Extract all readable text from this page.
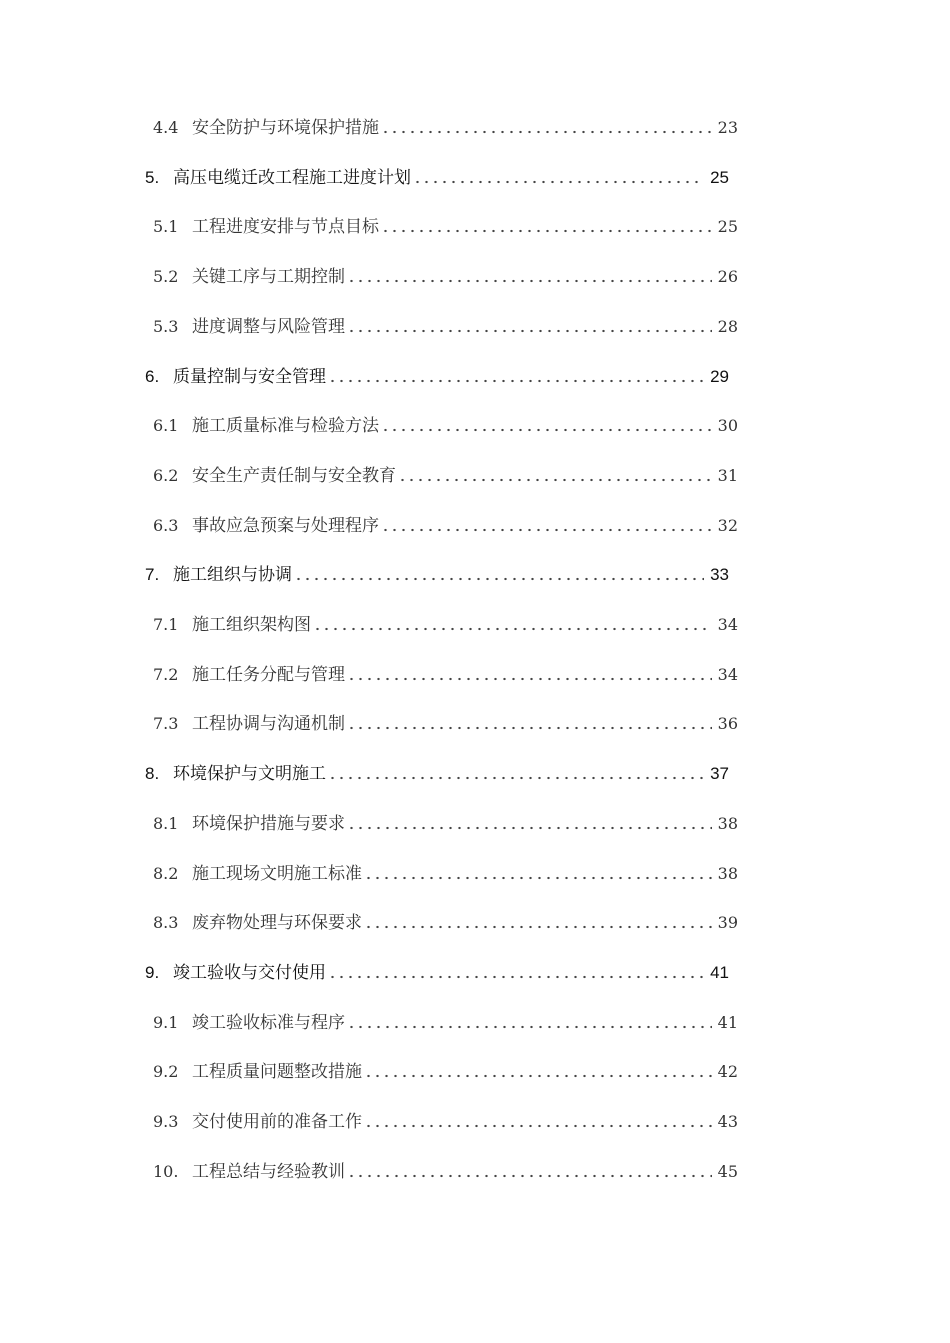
4.4 安全防护与环境保护措施	23
5. 高压电缆迁改工程施工进度计划	25
5.1 工程进度安排与节点目标	25
5.2 关键工序与工期控制	26
5.3 进度调整与风险管理	28
6. 质量控制与安全管理	29
6.1 施工质量标准与检验方法	30
6.2 安全生产责任制与安全教育	31
6.3 事故应急预案与处理程序	32
7. 施工组织与协调	33
7.1 施工组织架构图	34
7.2 施工任务分配与管理	34
7.3 工程协调与沟通机制	36
8. 环境保护与文明施工	37
8.1 环境保护措施与要求	38
8.2 施工现场文明施工标准	38
8.3 废弃物处理与环保要求	39
9. 竣工验收与交付使用	41
9.1 竣工验收标准与程序	41
9.2 工程质量问题整改措施	42
9.3 交付使用前的准备工作	43
10. 工程总结与经验教训	45
